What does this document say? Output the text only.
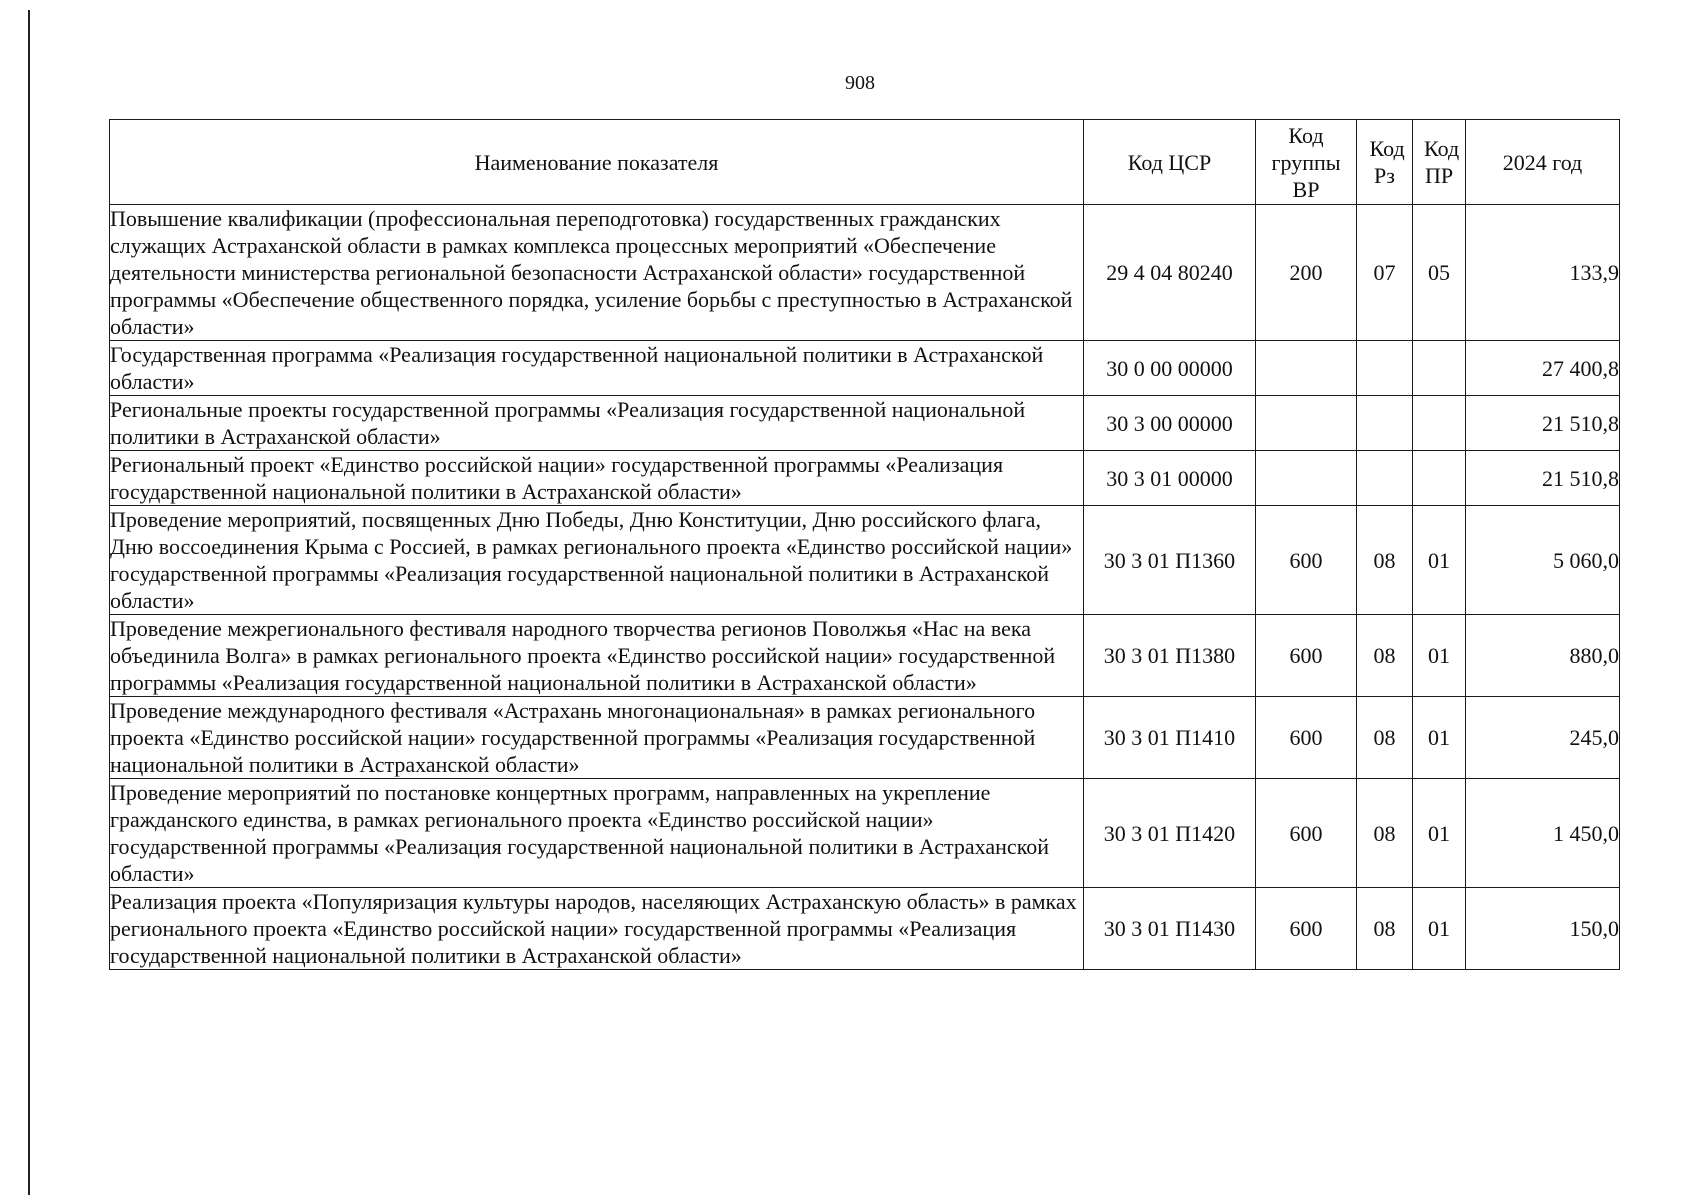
908
Наименование показателя	Код ЦСР	Код группы ВР	Код Рз	Код ПР	2024 год
Повышение квалификации (профессиональная переподготовка) государственных гражданских служащих Астраханской области в рамках комплекса процессных мероприятий «Обеспечение деятельности министерства региональной безопасности Астраханской области» государственной программы «Обеспечение общественного порядка, усиление борьбы с преступностью в Астраханской области»	29 4 04 80240	200	07	05	133,9
Государственная программа «Реализация государственной национальной политики в Астраханской области»	30 0 00 00000				27 400,8
Региональные проекты государственной программы «Реализация государственной национальной политики в Астраханской области»	30 3 00 00000				21 510,8
Региональный проект «Единство российской нации» государственной программы «Реализация государственной национальной политики в Астраханской области»	30 3 01 00000				21 510,8
Проведение мероприятий, посвященных Дню Победы, Дню Конституции, Дню российского флага, Дню воссоединения Крыма с Россией, в рамках регионального проекта «Единство российской нации» государственной программы «Реализация государственной национальной политики в Астраханской области»	30 3 01 П1360	600	08	01	5 060,0
Проведение межрегионального фестиваля народного творчества регионов Поволжья «Нас на века объединила Волга» в рамках регионального проекта «Единство российской нации» государственной программы «Реализация государственной национальной политики в Астраханской области»	30 3 01 П1380	600	08	01	880,0
Проведение международного фестиваля «Астрахань многонациональная» в рамках регионального проекта «Единство российской нации» государственной программы «Реализация государственной национальной политики в Астраханской области»	30 3 01 П1410	600	08	01	245,0
Проведение мероприятий по постановке концертных программ, направленных на укрепление гражданского единства, в рамках регионального проекта «Единство российской нации» государственной программы «Реализация государственной национальной политики в Астраханской области»	30 3 01 П1420	600	08	01	1 450,0
Реализация проекта «Популяризация культуры народов, населяющих Астраханскую область» в рамках регионального проекта «Единство российской нации» государственной программы «Реализация государственной национальной политики в Астраханской области»	30 3 01 П1430	600	08	01	150,0
